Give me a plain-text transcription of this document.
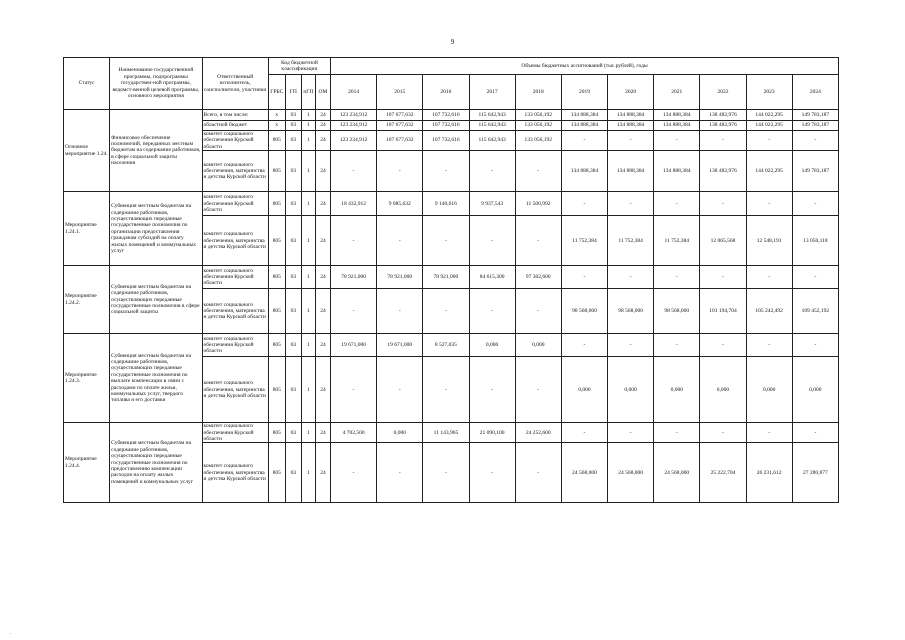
9
Статус	Наименование государственной программы, подпрограммы государствен-ной программы, ведомст-венной целевой программы, основного мероприятия	Ответственный исполнитель, соисполнители, участники	Код бюджетной классификации				Объемы бюджетных ассигнований (тыс.рублей), годы										
			ГРБС	ГП	пГП	ОМ	2014	2015	2016	2017	2018	2019	2020	2021	2022	2023	2024
Основное мероприятие 1.24.	Финансовое обеспечение полномочий, переданных местным бюджетам на содержание работников, в сфере социальной защиты населения	Всего, в том числе:	х	03	1	24	123 234,912	107 677,632	107 732,616	115 642,943	133 056,192	134 888,384	134 888,384	134 888,384	138 482,976	144 022,295	149 783,187
		областной бюджет	х	03	1	24	123 234,912	107 677,632	107 732,616	115 642,943	133 056,192	134 888,384	134 888,384	134 888,384	138 482,976	144 022,295	149 783,187
		комитет социального обеспечения Курской области	805	03	1	24	123 234,912	107 677,632	107 732,616	115 642,943	133 056,192	-	-	-	-	-	-
		комитет социального обеспечения, материнства и детства Курской области	805	03	1	24	-	-	-	-	-	134 888,384	134 888,384	134 888,384	138 482,976	144 022,295	149 783,187
Мероприятие 1.24.1.	Субвенция местным бюджетам на содержание работников, осуществляющих переданные государственные полномочия по организации предоставления гражданам субсидий на оплату жилых помещений и коммунальных услуг	комитет социального обеспечения Курской области	805	03	1	24	18 432,912	9 085,632	9 140,616	9 937,543	11 500,992	-	-	-	-	-	-
		комитет социального обеспечения, материнства и детства Курской области	805	03	1	24	-	-	-	-	-	11 752,384	11 752,384	11 752,384	12 065,568	12 548,191	13 050,118
Мероприятие 1.24.2.	Субвенция местным бюджетам на содержание работников, осуществляющих переданные государственные полномочия в сфере социальной защиты	комитет социального обеспечения Курской области	805	03	1	24	78 921,000	78 921,000	78 921,000	84 615,300	97 302,600	-	-	-	-	-	-
		комитет социального обеспечения, материнства и детства Курской области	805	03	1	24	-	-	-	-	-	98 568,000	98 568,000	98 568,000	101 194,704	105 242,492	109 452,192
Мероприятие 1.24.3.	Субвенция местным бюджетам на содержание работников, осуществляющих переданные государственные полномочия по выплате компенсации в связи с расходами по оплате жилья, коммунальных услуг, твердого топлива и его доставки	комитет социального обеспечения Курской области	805	03	1	24	19 671,000	19 671,000	8 527,035	0,000	0,000	-	-	-	-	-	-
		комитет социального обеспечения, материнства и детства Курской области	805	03	1	24	-	-	-	-	-	0,000	0,000	0,000	0,000	0,000	0,000
Мероприятие 1.24.4.	Субвенция местным бюджетам на содержание работников, осуществляющих переданные государственные полномочия по предоставлению компенсации расходов на оплату жилых помещений и коммунальных услуг	комитет социального обеспечения Курской области	805	03	1	24	4 702,500	0,000	11 143,965	21 090,100	24 252,600	-	-	-	-	-	-
		комитет социального обеспечения, материнства и детства Курской области	805	03	1	24	-	-	-	-	-	24 568,000	24 568,000	24 568,000	25 222,704	26 231,612	27 280,877
.
